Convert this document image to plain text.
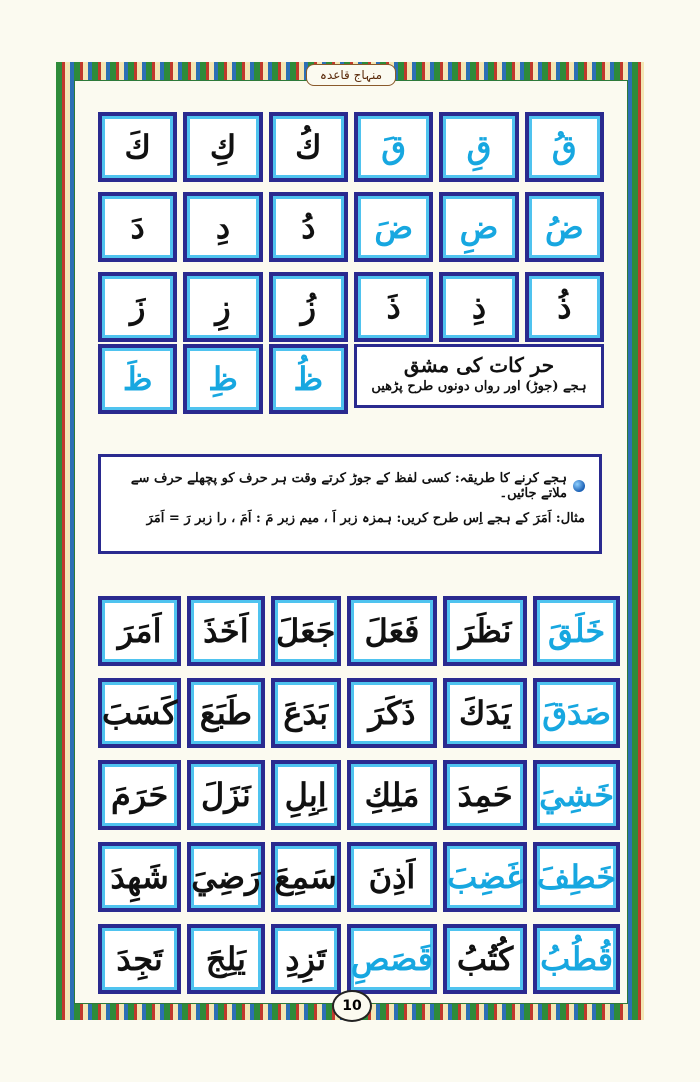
منہاج قاعدہ
كَ	كِ	كُ	قَ	قِ	قُ
دَ	دِ	دُ	ضَ	ضِ	ضُ
زَ	زِ	زُ	ذَ	ذِ	ذُ
ظَ	ظِ	ظُ	حر کات کی مشق
ہجے (جوڑ) اور رواں دونوں طرح پڑھیں
ہجے کرنے کا طریقہ: کسی لفظ کے جوڑ کرتے وقت ہر حرف کو پچھلے حرف سے ملاتے جائیں۔
مثال: اَمَرَ کے ہجے اِس طرح کریں: ہمزہ زبر اَ ، میم زبر مَ : اَمَ ، را زبر رَ = اَمَرَ
اَمَرَ	اَخَذَ جَعَلَ فَعَلَ	نَظَرَ	خَلَقَ
كَسَبَ طَبَعَ بَدَعَ	ذَكَرَ	يَدَكَ صَدَقَ
حَرَمَ	نَزَلَ	اِبِلِ	مَلِكِ	حَمِدَ خَشِيَ
شَهِدَ رَضِيَ سَمِعَ اَذِنَ غَضِبَ خَطِفَ
تَجِدَ	يَلِجَ	تَزِدِ قَصَصِ كُتُبُ قُطُبُ
10
